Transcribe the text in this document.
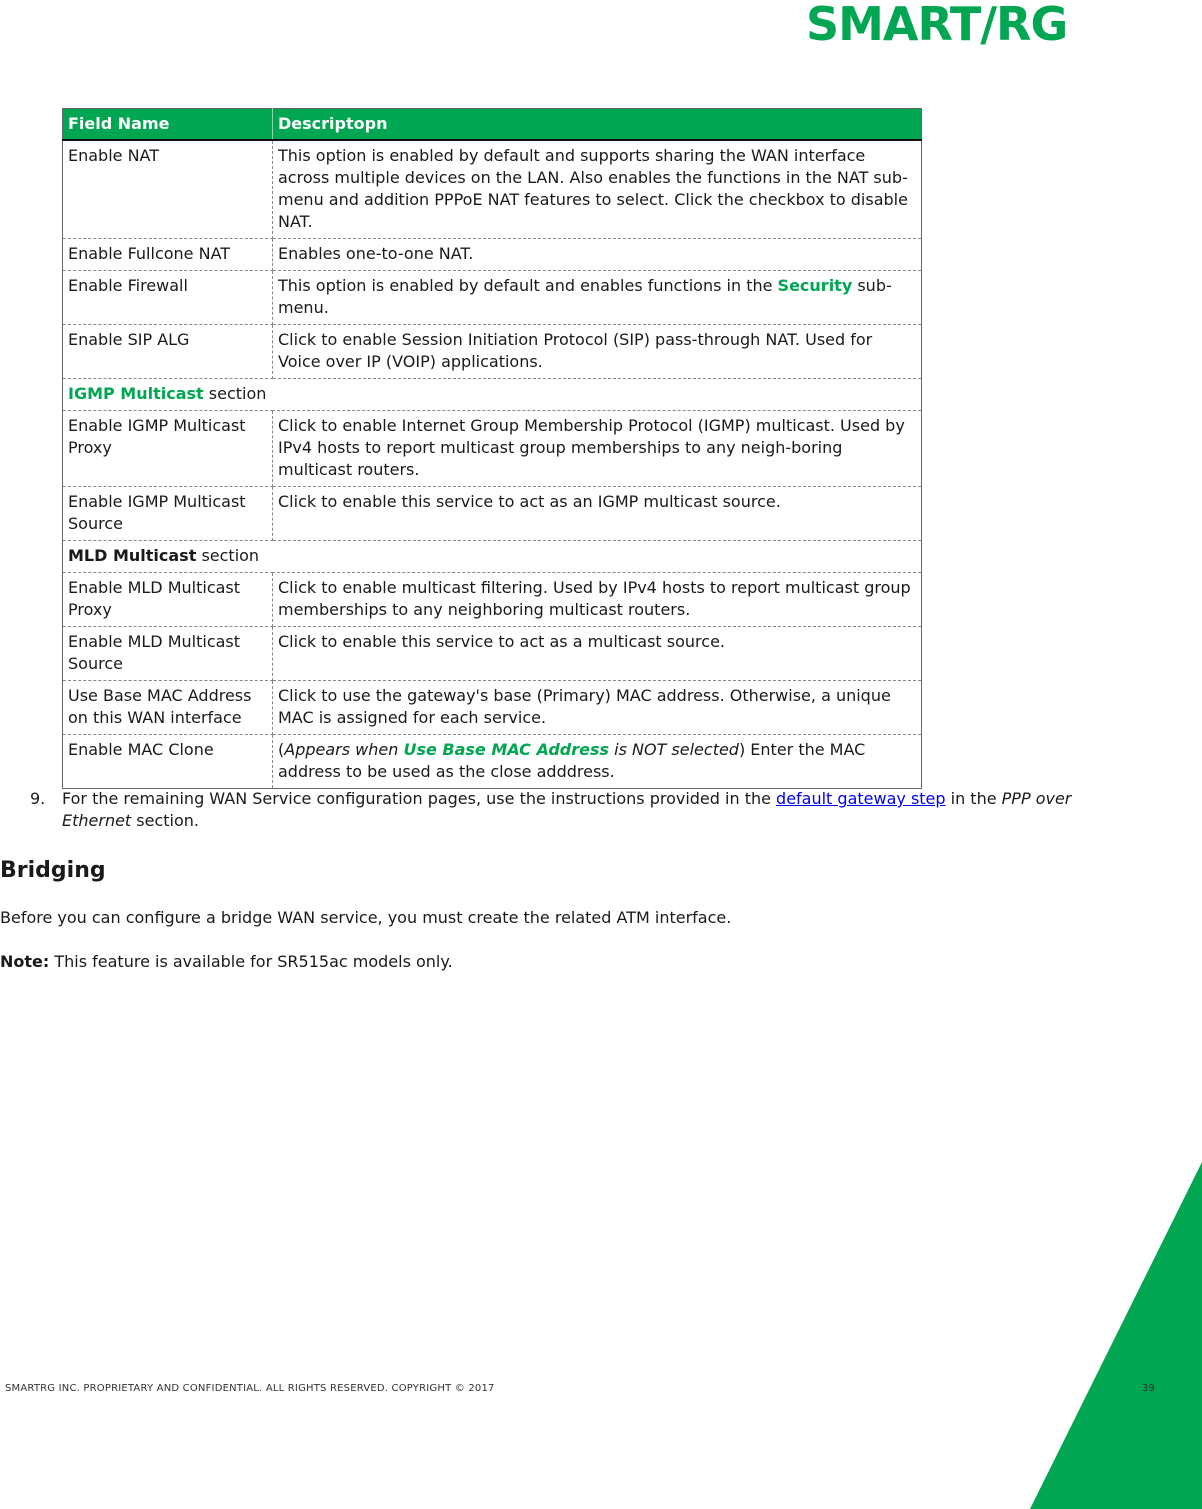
SMART/RG
Field Name	Descriptopn
Enable NAT	This option is enabled by default and supports sharing the WAN interface across multiple devices on the LAN. Also enables the functions in the NAT sub-menu and addition PPPoE NAT features to select. Click the checkbox to disable NAT.
Enable Fullcone NAT	Enables one-to-one NAT.
Enable Firewall	This option is enabled by default and enables functions in the Security sub-menu.
Enable SIP ALG	Click to enable Session Initiation Protocol (SIP) pass-through NAT. Used for Voice over IP (VOIP) applications.
IGMP Multicast section	
Enable IGMP Multicast Proxy	Click to enable Internet Group Membership Protocol (IGMP) multicast. Used by IPv4 hosts to report multicast group memberships to any neigh-boring multicast routers.
Enable IGMP Multicast Source	Click to enable this service to act as an IGMP multicast source.
MLD Multicast section	
Enable MLD Multicast Proxy	Click to enable multicast filtering. Used by IPv4 hosts to report multicast group memberships to any neighboring multicast routers.
Enable MLD Multicast Source	Click to enable this service to act as a multicast source.
Use Base MAC Address on this WAN interface	Click to use the gateway's base (Primary) MAC address. Otherwise, a unique MAC is assigned for each service.
Enable MAC Clone	(Appears when Use Base MAC Address is NOT selected) Enter the MAC address to be used as the close adddress.
9. For the remaining WAN Service configuration pages, use the instructions provided in the default gateway step in the PPP over Ethernet section.
Bridging

Before you can configure a bridge WAN service, you must create the related ATM interface.

Note: This feature is available for SR515ac models only.

SMARTRG INC. PROPRIETARY AND CONFIDENTIAL. ALL RIGHTS RESERVED. COPYRIGHT © 2017	39
